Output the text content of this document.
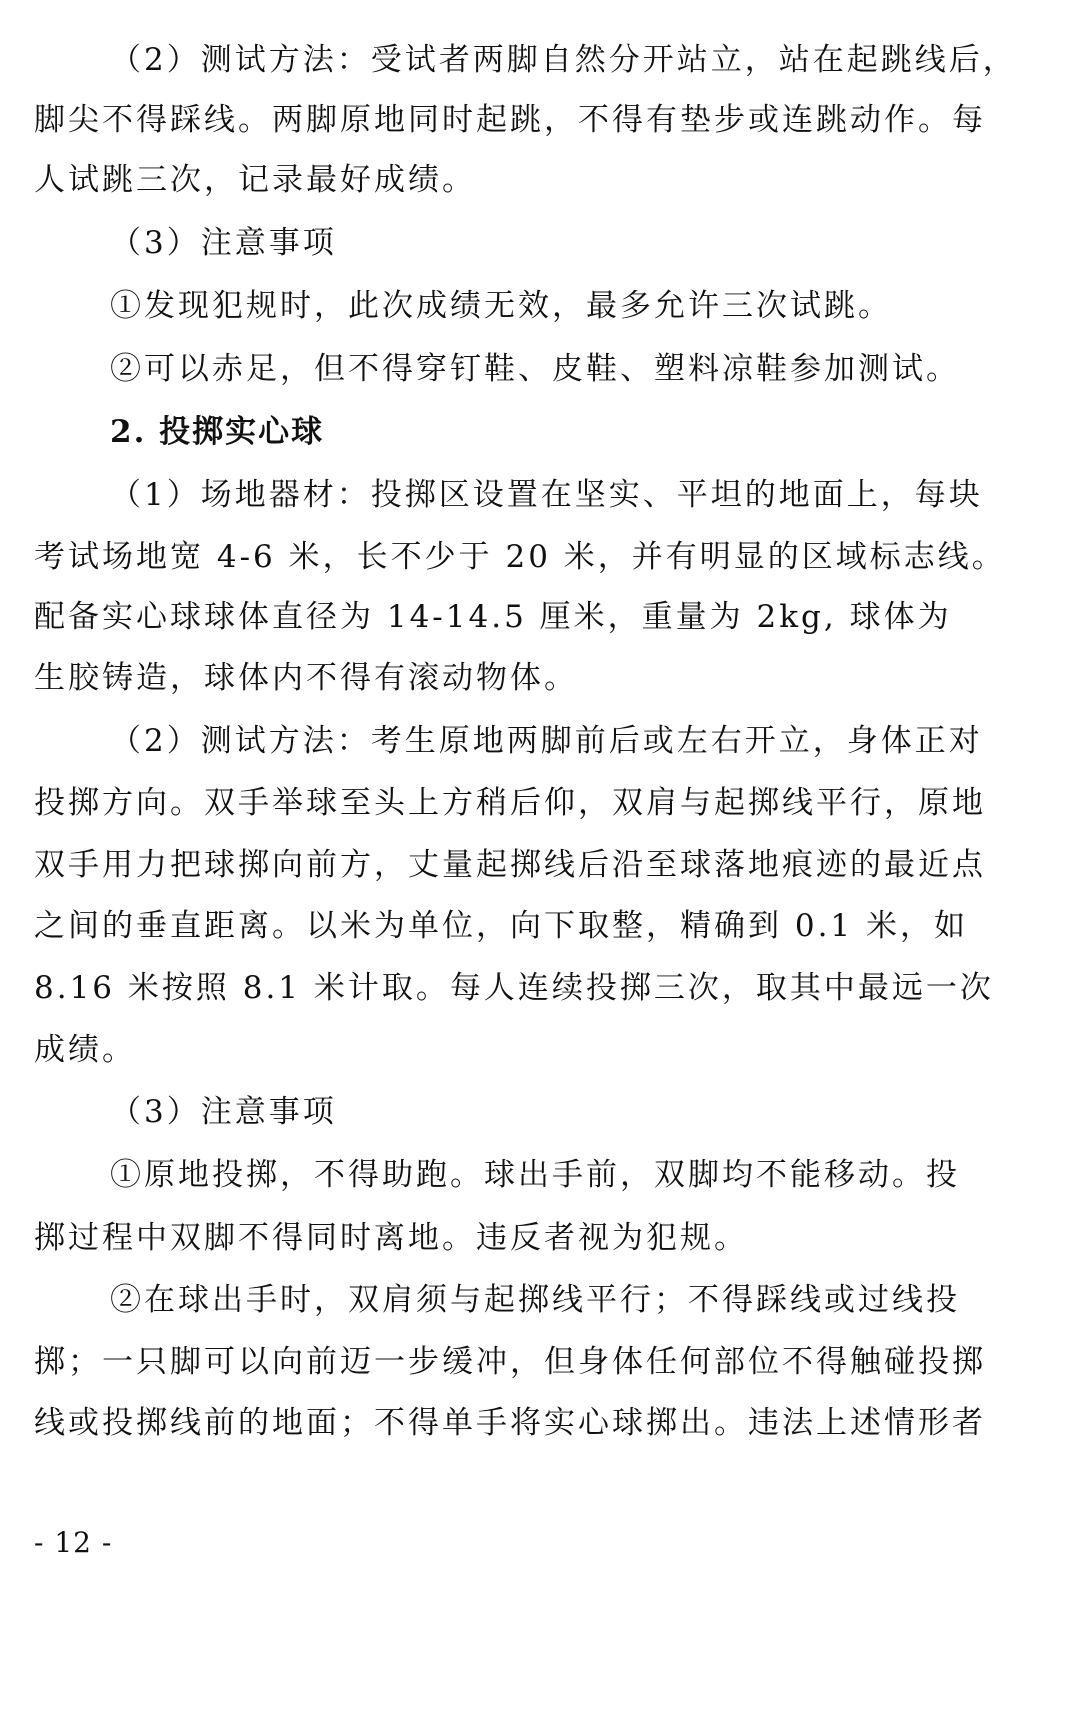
（2）测试方法：受试者两脚自然分开站立，站在起跳线后，
脚尖不得踩线。两脚原地同时起跳，不得有垫步或连跳动作。每
人试跳三次，记录最好成绩。
（3）注意事项
①发现犯规时，此次成绩无效，最多允许三次试跳。
②可以赤足，但不得穿钉鞋、皮鞋、塑料凉鞋参加测试。
2. 投掷实心球
（1）场地器材：投掷区设置在坚实、平坦的地面上，每块
考试场地宽 4-6 米，长不少于 20 米，并有明显的区域标志线。
配备实心球球体直径为 14-14.5 厘米，重量为 2kg, 球体为
生胶铸造，球体内不得有滚动物体。
（2）测试方法：考生原地两脚前后或左右开立，身体正对
投掷方向。双手举球至头上方稍后仰，双肩与起掷线平行，原地
双手用力把球掷向前方，丈量起掷线后沿至球落地痕迹的最近点
之间的垂直距离。以米为单位，向下取整，精确到 0.1 米，如
8.16 米按照 8.1 米计取。每人连续投掷三次，取其中最远一次
成绩。
（3）注意事项
①原地投掷，不得助跑。球出手前，双脚均不能移动。投
掷过程中双脚不得同时离地。违反者视为犯规。
②在球出手时，双肩须与起掷线平行；不得踩线或过线投
掷；一只脚可以向前迈一步缓冲，但身体任何部位不得触碰投掷
线或投掷线前的地面；不得单手将实心球掷出。违法上述情形者
- 12 -
